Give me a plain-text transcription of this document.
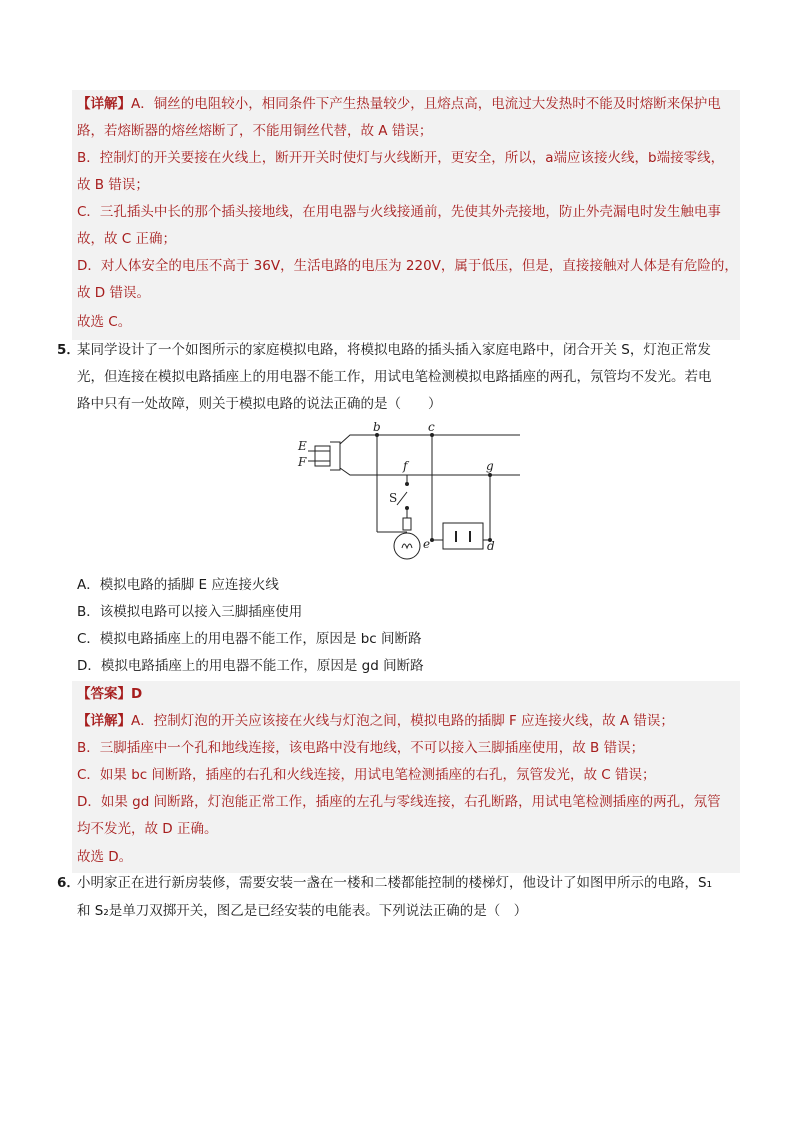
【详解】A．铜丝的电阻较小，相同条件下产生热量较少，且熔点高，电流过大发热时不能及时熔断来保护电
路，若熔断器的熔丝熔断了，不能用铜丝代替，故 A 错误；
B．控制灯的开关要接在火线上，断开开关时使灯与火线断开，更安全，所以，a端应该接火线，b端接零线，
故 B 错误；
C．三孔插头中长的那个插头接地线，在用电器与火线接通前，先使其外壳接地，防止外壳漏电时发生触电事
故，故 C 正确；
D．对人体安全的电压不高于 36V，生活电路的电压为 220V，属于低压，但是，直接接触对人体是有危险的，
故 D 错误。
故选 C。
5．
某同学设计了一个如图所示的家庭模拟电路，将模拟电路的插头插入家庭电路中，闭合开关 S，灯泡正常发
光，但连接在模拟电路插座上的用电器不能工作，用试电笔检测模拟电路插座的两孔，氖管均不发光。若电
路中只有一处故障，则关于模拟电路的说法正确的是（　　）
E
F
b	c
f	g
S
e	d
A．模拟电路的插脚 E 应连接火线
B．该模拟电路可以接入三脚插座使用
C．模拟电路插座上的用电器不能工作，原因是 bc 间断路
D．模拟电路插座上的用电器不能工作，原因是 gd 间断路
【答案】D
【详解】A．控制灯泡的开关应该接在火线与灯泡之间，模拟电路的插脚 F 应连接火线，故 A 错误；
B．三脚插座中一个孔和地线连接，该电路中没有地线，不可以接入三脚插座使用，故 B 错误；
C．如果 bc 间断路，插座的右孔和火线连接，用试电笔检测插座的右孔，氖管发光，故 C 错误；
D．如果 gd 间断路，灯泡能正常工作，插座的左孔与零线连接，右孔断路，用试电笔检测插座的两孔，氖管
均不发光，故 D 正确。
故选 D。
6．
小明家正在进行新房装修，需要安装一盏在一楼和二楼都能控制的楼梯灯，他设计了如图甲所示的电路，S₁
和 S₂是单刀双掷开关，图乙是已经安装的电能表。下列说法正确的是（　）
